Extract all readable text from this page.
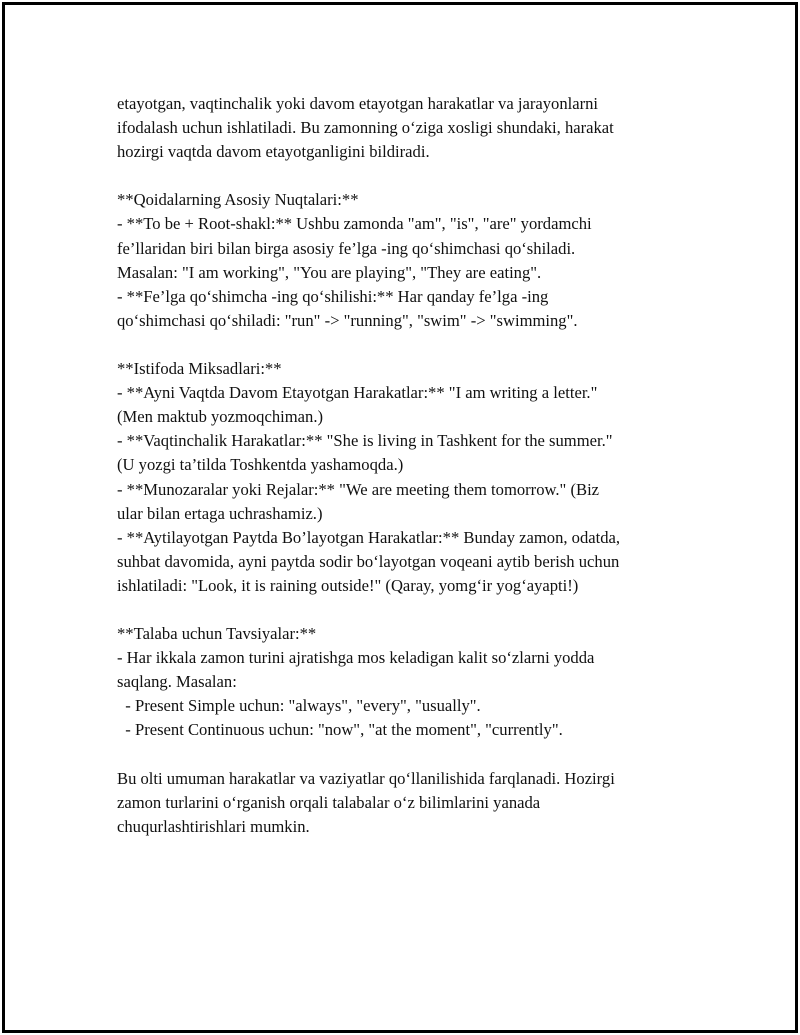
etayotgan, vaqtinchalik yoki davom etayotgan harakatlar va jarayonlarni
ifodalash uchun ishlatiladi. Bu zamonning o‘ziga xosligi shundaki, harakat
hozirgi vaqtda davom etayotganligini bildiradi.
**Qoidalarning Asosiy Nuqtalari:**
- **To be + Root-shakl:** Ushbu zamonda "am", "is", "are" yordamchi
fe’llaridan biri bilan birga asosiy fe’lga -ing qo‘shimchasi qo‘shiladi.
Masalan: "I am working", "You are playing", "They are eating".
- **Fe’lga qo‘shimcha -ing qo‘shilishi:** Har qanday fe’lga -ing
qo‘shimchasi qo‘shiladi: "run" -> "running", "swim" -> "swimming".
**Istifoda Miksadlari:**
- **Ayni Vaqtda Davom Etayotgan Harakatlar:** "I am writing a letter."
(Men maktub yozmoqchiman.)
- **Vaqtinchalik Harakatlar:** "She is living in Tashkent for the summer."
(U yozgi ta’tilda Toshkentda yashamoqda.)
- **Munozaralar yoki Rejalar:** "We are meeting them tomorrow." (Biz
ular bilan ertaga uchrashamiz.)
- **Aytilayotgan Paytda Bo’layotgan Harakatlar:** Bunday zamon, odatda,
suhbat davomida, ayni paytda sodir bo‘layotgan voqeani aytib berish uchun
ishlatiladi: "Look, it is raining outside!" (Qaray, yomg‘ir yog‘ayapti!)
**Talaba uchun Tavsiyalar:**
- Har ikkala zamon turini ajratishga mos keladigan kalit so‘zlarni yodda
saqlang. Masalan:
- Present Simple uchun: "always", "every", "usually".
- Present Continuous uchun: "now", "at the moment", "currently".
Bu olti umuman harakatlar va vaziyatlar qo‘llanilishida farqlanadi. Hozirgi
zamon turlarini o‘rganish orqali talabalar o‘z bilimlarini yanada
chuqurlashtirishlari mumkin.
